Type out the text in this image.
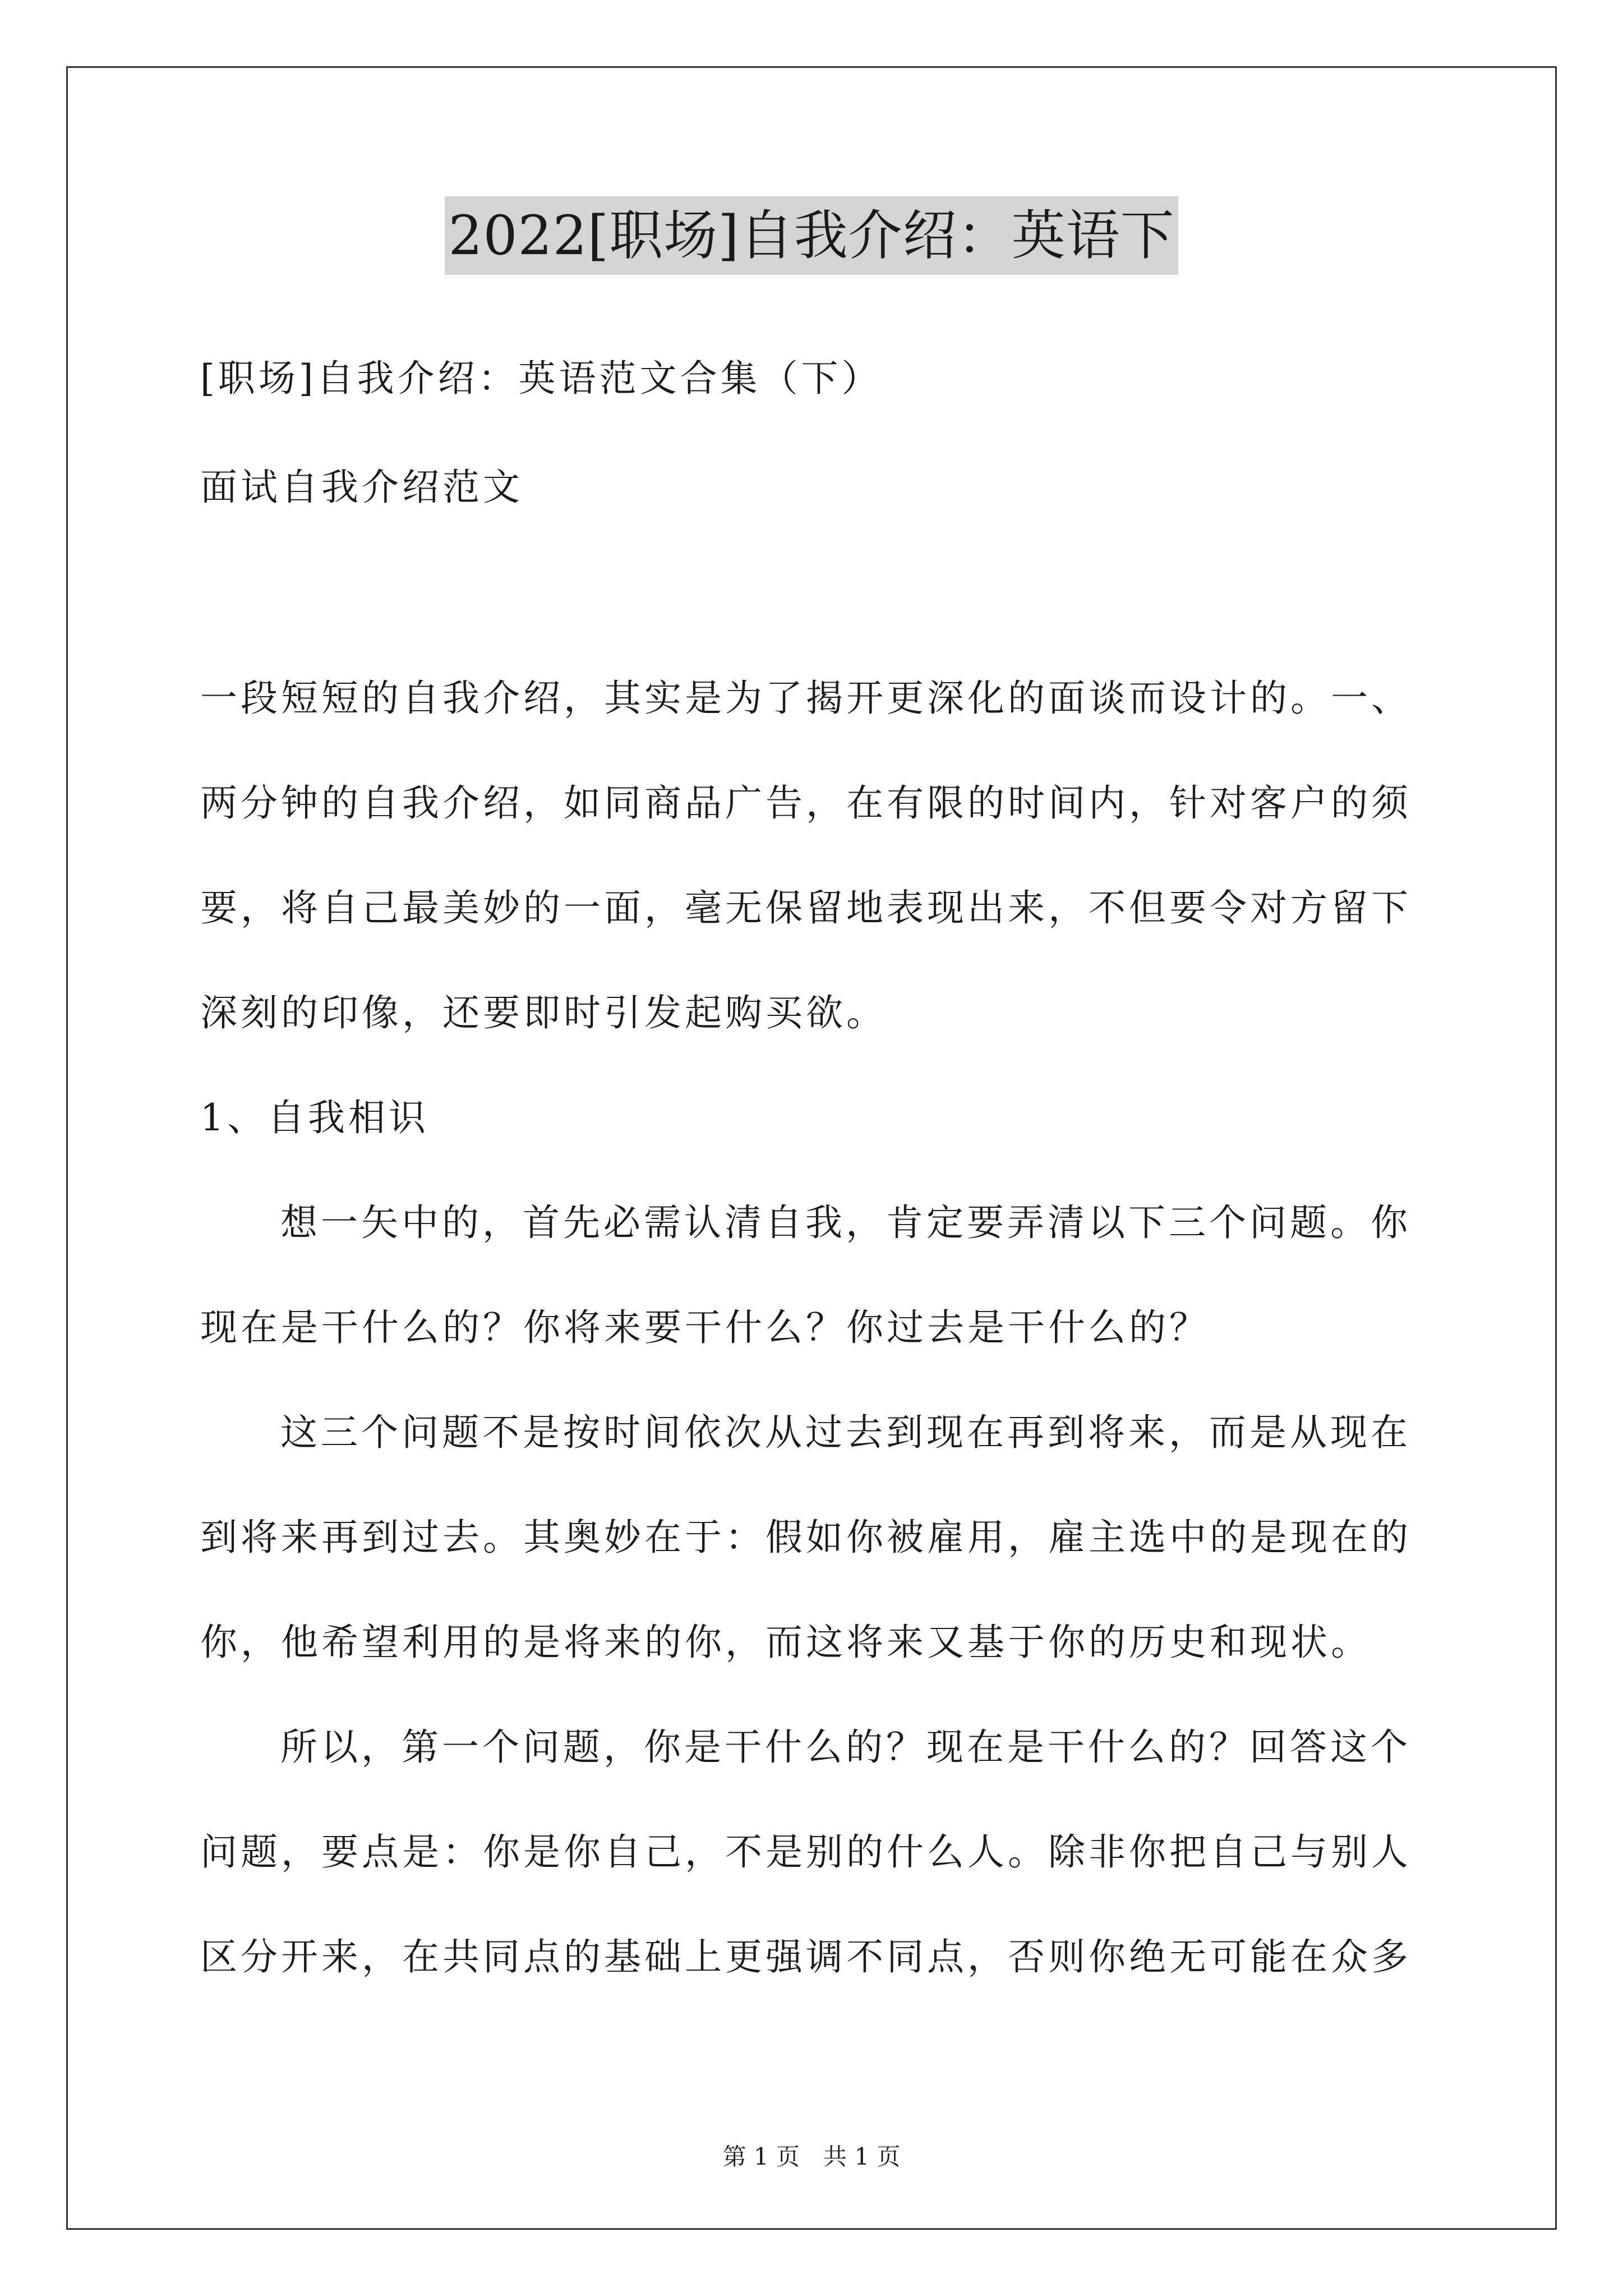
2022[职场]自我介绍：英语下
[职场]自我介绍：英语范文合集（下）
面试自我介绍范文
一段短短的自我介绍，其实是为了揭开更深化的面谈而设计的。一、
两分钟的自我介绍，如同商品广告，在有限的时间内，针对客户的须
要，将自己最美妙的一面，毫无保留地表现出来，不但要令对方留下
深刻的印像，还要即时引发起购买欲。
1、自我相识
想一矢中的，首先必需认清自我，肯定要弄清以下三个问题。你
现在是干什么的？你将来要干什么？你过去是干什么的？
这三个问题不是按时间依次从过去到现在再到将来，而是从现在
到将来再到过去。其奥妙在于：假如你被雇用，雇主选中的是现在的
你，他希望利用的是将来的你，而这将来又基于你的历史和现状。
所以，第一个问题，你是干什么的？现在是干什么的？回答这个
问题，要点是：你是你自己，不是别的什么人。除非你把自己与别人
区分开来，在共同点的基础上更强调不同点，否则你绝无可能在众多
第 1 页　共 1 页
